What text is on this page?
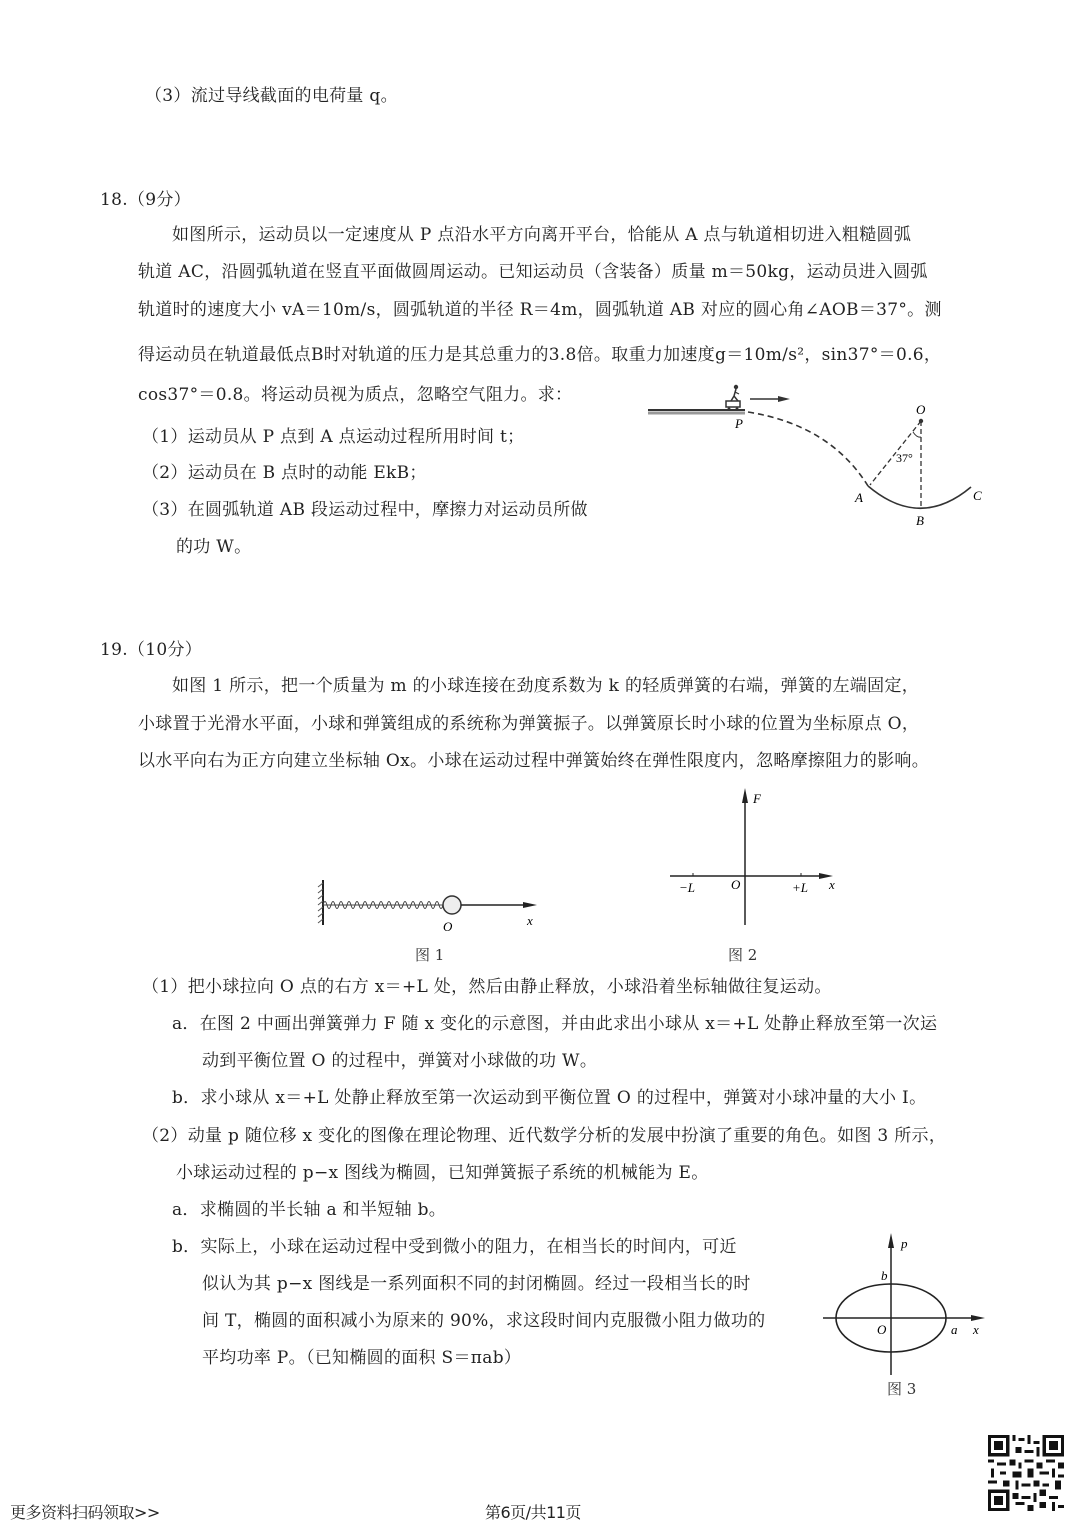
（3）流过导线截面的电荷量 q。
18.（9分）
如图所示，运动员以一定速度从 P 点沿水平方向离开平台，恰能从 A 点与轨道相切进入粗糙圆弧
轨道 AC，沿圆弧轨道在竖直平面做圆周运动。已知运动员（含装备）质量 m＝50kg，运动员进入圆弧
轨道时的速度大小 vA＝10m/s，圆弧轨道的半径 R＝4m，圆弧轨道 AB 对应的圆心角∠AOB＝37°。测
得运动员在轨道最低点B时对轨道的压力是其总重力的3.8倍。取重力加速度g＝10m/s²，sin37°＝0.6，
cos37°＝0.8。将运动员视为质点，忽略空气阻力。求：
（1）运动员从 P 点到 A 点运动过程所用时间 t；
（2）运动员在 B 点时的动能 EkB；
（3）在圆弧轨道 AB 段运动过程中，摩擦力对运动员所做
的功 W。
P
O
37°
A
B
C
19.（10分）
如图 1 所示，把一个质量为 m 的小球连接在劲度系数为 k 的轻质弹簧的右端，弹簧的左端固定，
小球置于光滑水平面，小球和弹簧组成的系统称为弹簧振子。以弹簧原长时小球的位置为坐标原点 O，
以水平向右为正方向建立坐标轴 Ox。小球在运动过程中弹簧始终在弹性限度内，忽略摩擦阻力的影响。
O	x
图 1
F
−L	O	+L x
图 2
（1）把小球拉向 O 点的右方 x＝+L 处，然后由静止释放，小球沿着坐标轴做往复运动。
a．在图 2 中画出弹簧弹力 F 随 x 变化的示意图，并由此求出小球从 x＝+L 处静止释放至第一次运
动到平衡位置 O 的过程中，弹簧对小球做的功 W。
b．求小球从 x＝+L 处静止释放至第一次运动到平衡位置 O 的过程中，弹簧对小球冲量的大小 I。
（2）动量 p 随位移 x 变化的图像在理论物理、近代数学分析的发展中扮演了重要的角色。如图 3 所示，
小球运动过程的 p−x 图线为椭圆，已知弹簧振子系统的机械能为 E。
a．求椭圆的半长轴 a 和半短轴 b。
b．实际上，小球在运动过程中受到微小的阻力，在相当长的时间内，可近
似认为其 p−x 图线是一系列面积不同的封闭椭圆。经过一段相当长的时
间 T，椭圆的面积减小为原来的 90%，求这段时间内克服微小阻力做功的
平均功率 P。（已知椭圆的面积 S＝πab）
p
b
O	a x
图 3
更多资料扫码领取>>	第6页/共11页
